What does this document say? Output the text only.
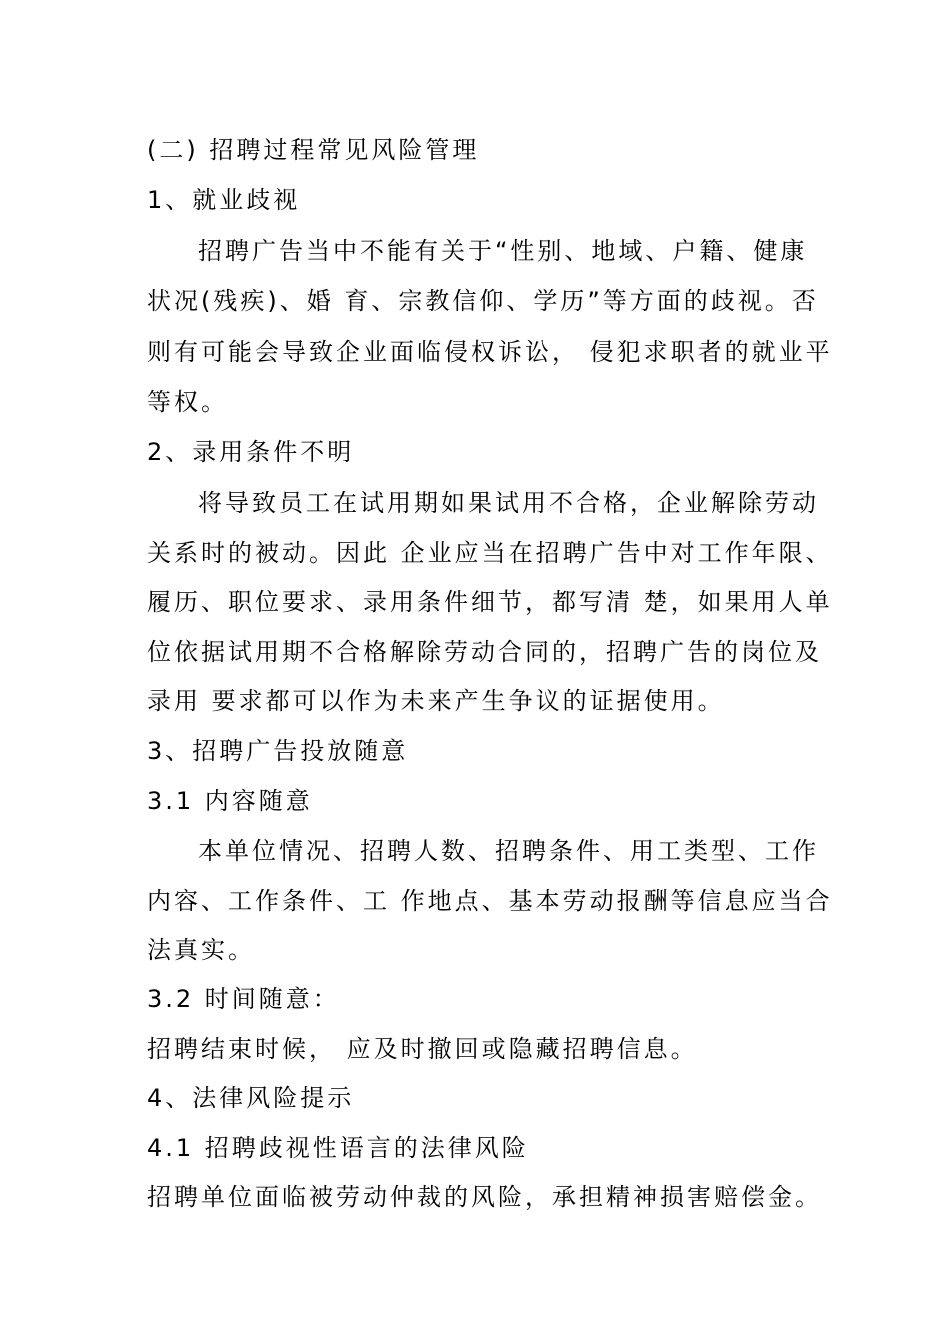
(二) 招聘过程常见风险管理
1、就业歧视
招聘广告当中不能有关于“性别、地域、户籍、健康
状况(残疾)、婚 育、宗教信仰、学历”等方面的歧视。否
则有可能会导致企业面临侵权诉讼， 侵犯求职者的就业平
等权。
2、录用条件不明
将导致员工在试用期如果试用不合格，企业解除劳动
关系时的被动。因此 企业应当在招聘广告中对工作年限、
履历、职位要求、录用条件细节，都写清 楚，如果用人单
位依据试用期不合格解除劳动合同的，招聘广告的岗位及
录用 要求都可以作为未来产生争议的证据使用。
3、招聘广告投放随意
3.1 内容随意
本单位情况、招聘人数、招聘条件、用工类型、工作
内容、工作条件、工 作地点、基本劳动报酬等信息应当合
法真实。
3.2 时间随意：
招聘结束时候， 应及时撤回或隐藏招聘信息。
4、法律风险提示
4.1 招聘歧视性语言的法律风险
招聘单位面临被劳动仲裁的风险，承担精神损害赔偿金。
